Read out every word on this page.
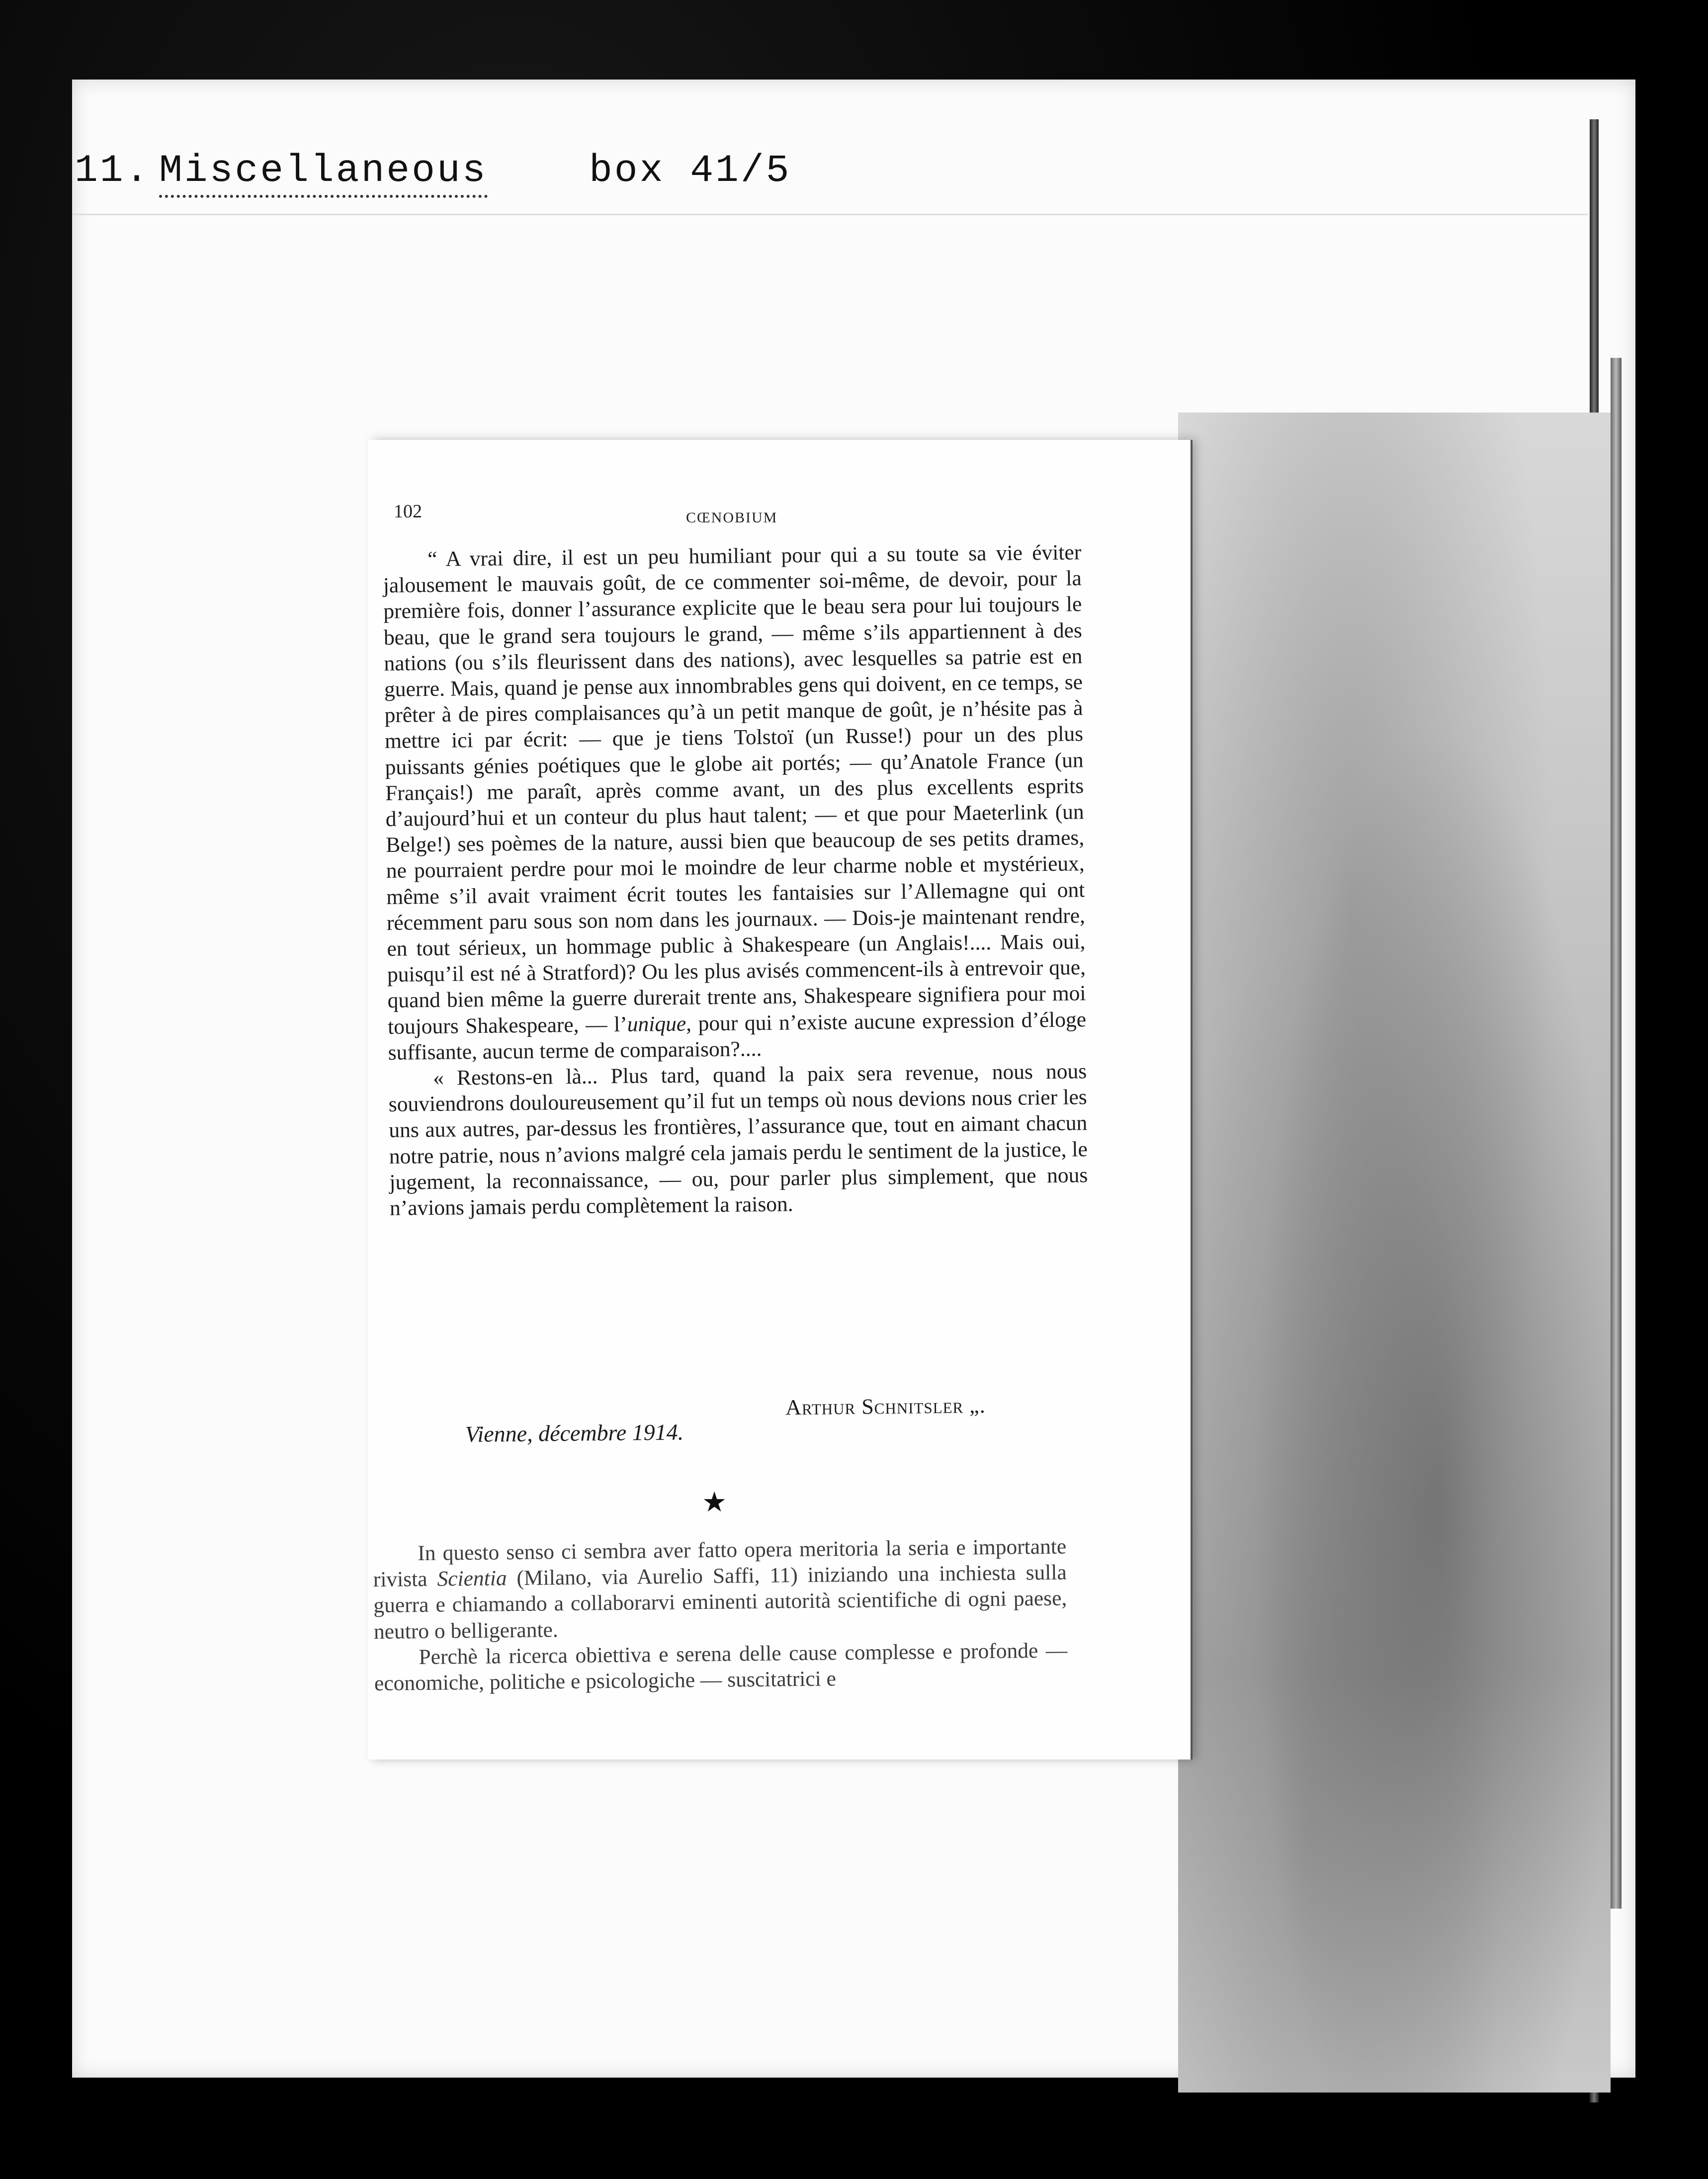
11. Miscellaneous	box 41/5
102	CŒNOBIUM

“ A vrai dire, il est un peu humiliant pour qui a su toute sa vie éviter jalousement le mauvais goût, de ce commenter soi-même, de devoir, pour la première fois, donner l’assurance explicite que le beau sera pour lui toujours le beau, que le grand sera toujours le grand, — même s’ils appartiennent à des nations (ou s’ils fleurissent dans des nations), avec lesquelles sa patrie est en guerre. Mais, quand je pense aux innombrables gens qui doivent, en ce temps, se prêter à de pires complaisances qu’à un petit manque de goût, je n’hésite pas à mettre ici par écrit: — que je tiens Tolstoï (un Russe!) pour un des plus puissants génies poétiques que le globe ait portés; — qu’Anatole France (un Français!) me paraît, après comme avant, un des plus excellents esprits d’aujourd’hui et un conteur du plus haut talent; — et que pour Maeterlink (un Belge!) ses poèmes de la nature, aussi bien que beaucoup de ses petits drames, ne pourraient perdre pour moi le moindre de leur charme noble et mystérieux, même s’il avait vraiment écrit toutes les fantaisies sur l’Allemagne qui ont récemment paru sous son nom dans les journaux. — Dois-je maintenant rendre, en tout sérieux, un hommage public à Shakespeare (un Anglais!.... Mais oui, puisqu’il est né à Stratford)? Ou les plus avisés commencent-ils à entrevoir que, quand bien même la guerre durerait trente ans, Shakespeare signifiera pour moi toujours Shakespeare, — l’unique, pour qui n’existe aucune expression d’éloge suffisante, aucun terme de comparaison?....

« Restons-en là... Plus tard, quand la paix sera revenue, nous nous souviendrons douloureusement qu’il fut un temps où nous devions nous crier les uns aux autres, par-dessus les frontières, l’assurance que, tout en aimant chacun notre patrie, nous n’avions malgré cela jamais perdu le sentiment de la justice, le jugement, la reconnaissance, — ou, pour parler plus simplement, que nous n’avions jamais perdu complètement la raison.

Arthur Schnitsler „.
Vienne, décembre 1914.
★

In questo senso ci sembra aver fatto opera meritoria la seria e importante rivista Scientia (Milano, via Aurelio Saffi, 11) iniziando una inchiesta sulla guerra e chiamando a collaborarvi eminenti autorità scientifiche di ogni paese, neutro o belligerante.

Perchè la ricerca obiettiva e serena delle cause complesse e profonde — economiche, politiche e psicologiche — suscitatrici e
